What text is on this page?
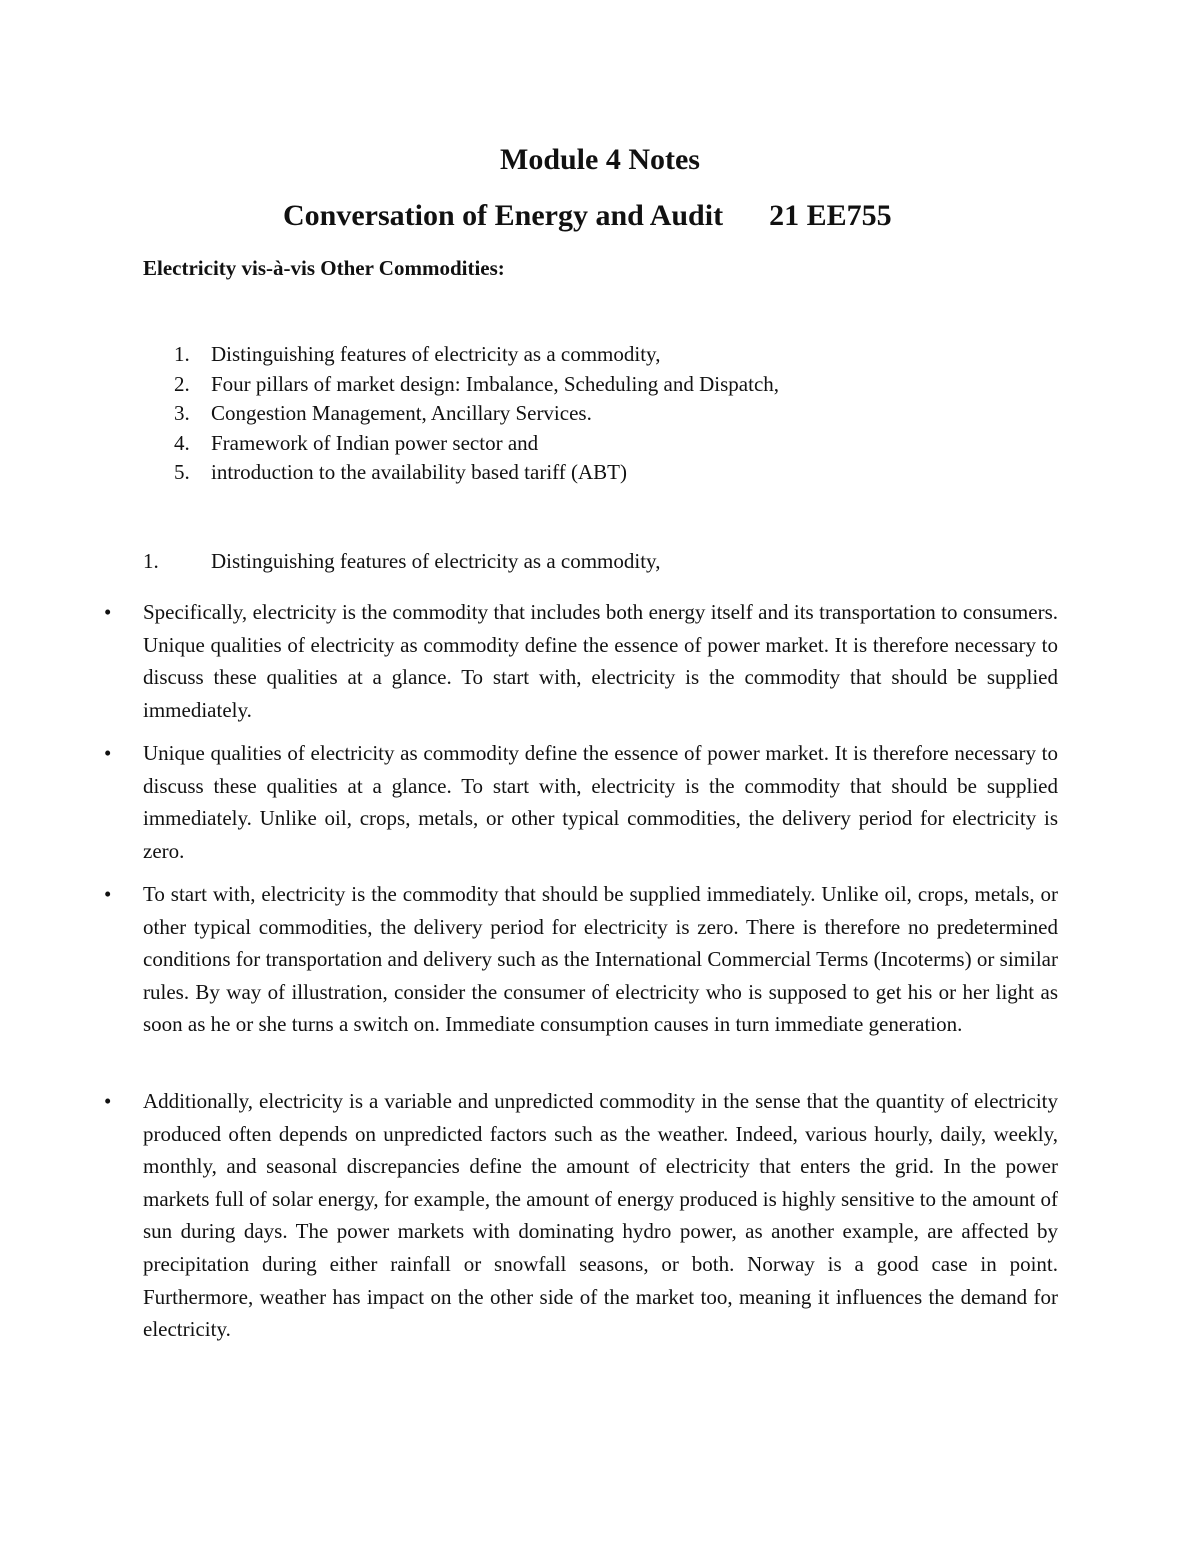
Module 4 Notes
Conversation of Energy and Audit 21 EE755
Electricity vis-à-vis Other Commodities:
1. Distinguishing features of electricity as a commodity,
2. Four pillars of market design: Imbalance, Scheduling and Dispatch,
3. Congestion Management, Ancillary Services.
4. Framework of Indian power sector and
5. introduction to the availability based tariff (ABT)
1. Distinguishing features of electricity as a commodity,
• Specifically, electricity is the commodity that includes both energy itself and its transportation to consumers. Unique qualities of electricity as commodity define the essence of power market. It is therefore necessary to discuss these qualities at a glance. To start with, electricity is the commodity that should be supplied immediately.

• Unique qualities of electricity as commodity define the essence of power market. It is therefore necessary to discuss these qualities at a glance. To start with, electricity is the commodity that should be supplied immediately. Unlike oil, crops, metals, or other typical commodities, the delivery period for electricity is zero.

• To start with, electricity is the commodity that should be supplied immediately. Unlike oil, crops, metals, or other typical commodities, the delivery period for electricity is zero. There is therefore no predetermined conditions for transportation and delivery such as the International Commercial Terms (Incoterms) or similar rules. By way of illustration, consider the consumer of electricity who is supposed to get his or her light as soon as he or she turns a switch on. Immediate consumption causes in turn immediate generation.

• Additionally, electricity is a variable and unpredicted commodity in the sense that the quantity of electricity produced often depends on unpredicted factors such as the weather. Indeed, various hourly, daily, weekly, monthly, and seasonal discrepancies define the amount of electricity that enters the grid. In the power markets full of solar energy, for example, the amount of energy produced is highly sensitive to the amount of sun during days. The power markets with dominating hydro power, as another example, are affected by precipitation during either rainfall or snowfall seasons, or both. Norway is a good case in point. Furthermore, weather has impact on the other side of the market too, meaning it influences the demand for electricity.
